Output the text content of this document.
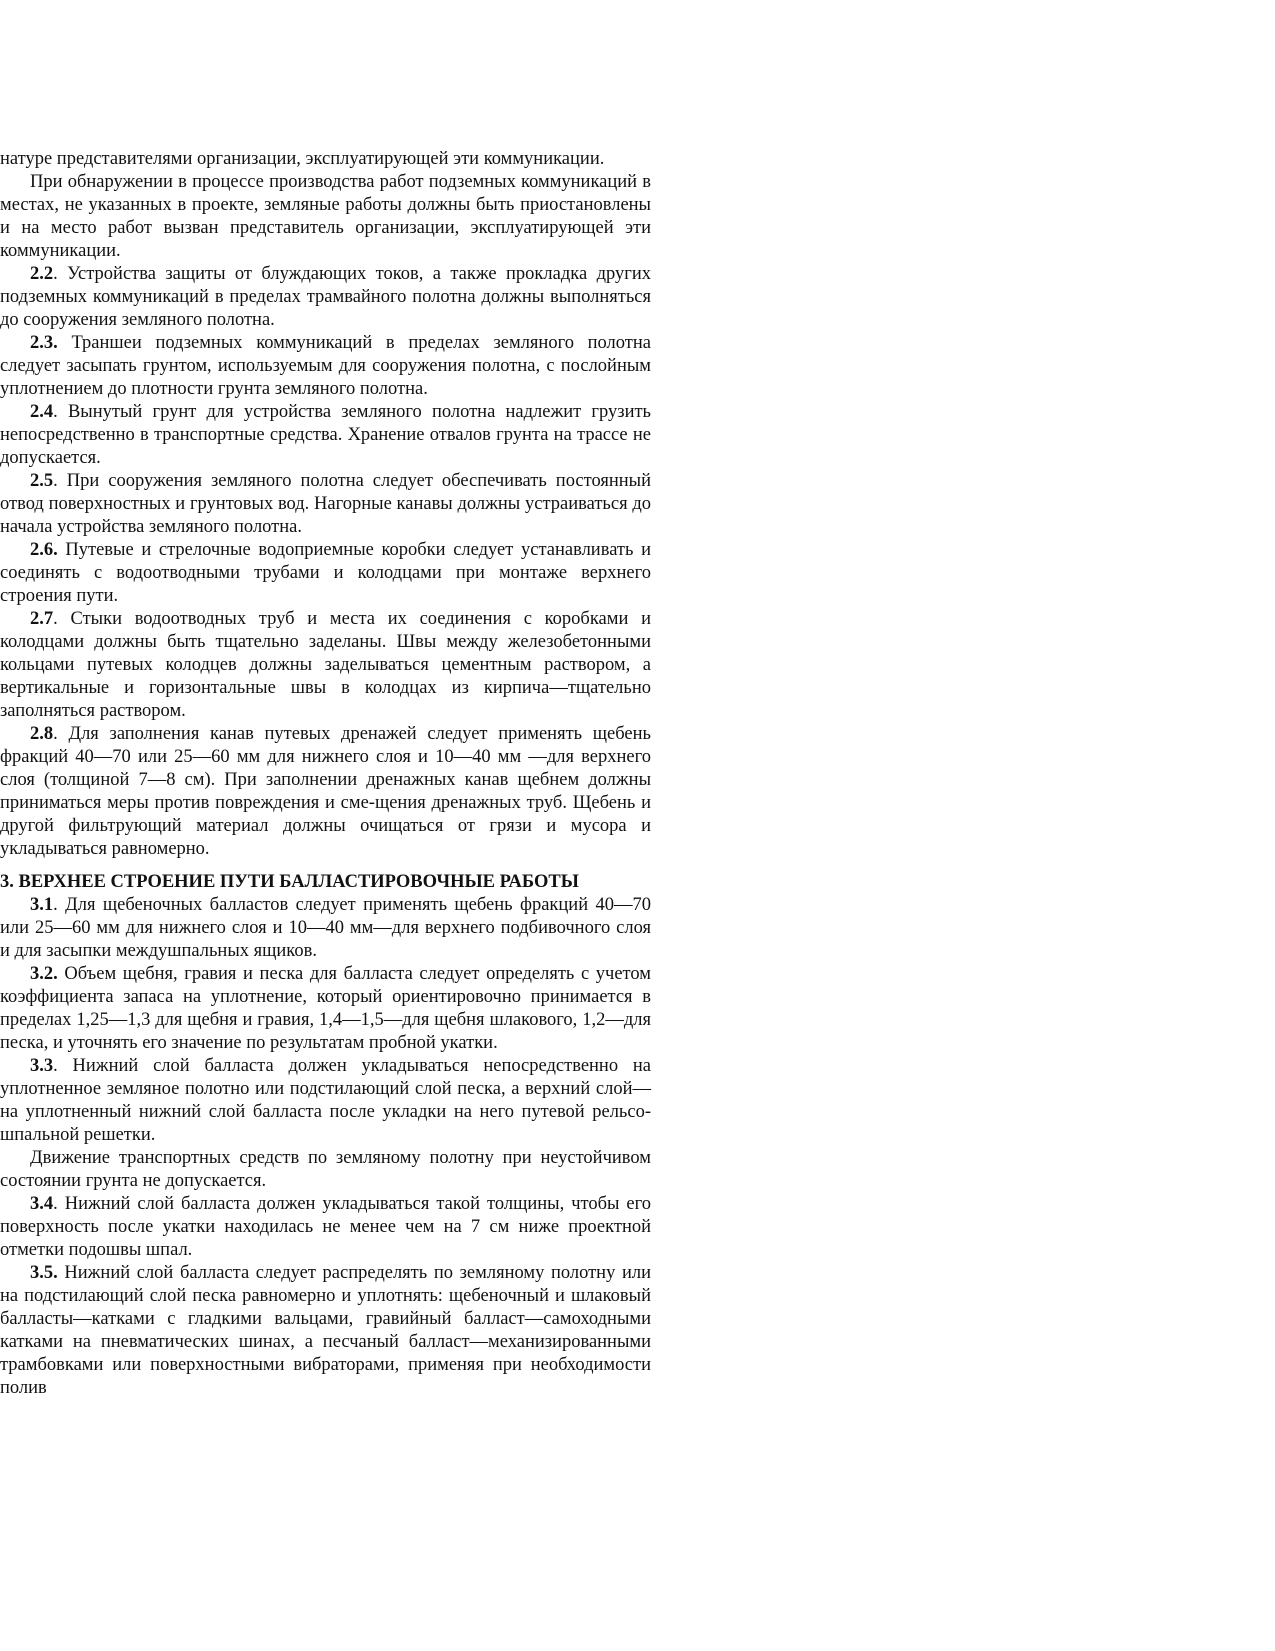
натуре представителями организации, эксплуатирующей эти коммуникации.

При обнаружении в процессе производства работ подземных коммуникаций в местах, не указанных в проекте, земляные работы должны быть приостановлены и на место работ вызван представитель организации, эксплуатирующей эти коммуникации.

2.2. Устройства защиты от блуждающих токов, а также прокладка других подземных коммуникаций в пределах трамвайного полотна должны выполняться до сооружения земляного полотна.

2.3. Траншеи подземных коммуникаций в пределах земляного полотна следует засыпать грунтом, используемым для сооружения полотна, с послойным уплотнением до плотности грунта земляного полотна.

2.4. Вынутый грунт для устройства земляного полотна надлежит грузить непосредственно в транспортные средства. Хранение отвалов грунта на трассе не допускается.

2.5. При сооружения земляного полотна следует обеспечивать постоянный отвод поверхностных и грунтовых вод. Нагорные канавы должны устраиваться до начала устройства земляного полотна.

2.6. Путевые и стрелочные водоприемные коробки следует устанавливать и соединять с водоотводными трубами и колодцами при монтаже верхнего строения пути.

2.7. Стыки водоотводных труб и места их соединения с коробками и колодцами должны быть тщательно заделаны. Швы между железобетонными кольцами путевых колодцев должны заделываться цементным раствором, а вертикальные и горизонтальные швы в колодцах из кирпича—тщательно заполняться раствором.

2.8. Для заполнения канав путевых дренажей следует применять щебень фракций 40—70 или 25—60 мм для нижнего слоя и 10—40 мм —для верхнего слоя (толщиной 7—8 см). При заполнении дренажных канав щебнем должны приниматься меры против повреждения и сме-щения дренажных труб. Щебень и другой фильтрующий материал должны очищаться от грязи и мусора и укладываться равномерно.

3. ВЕРХНЕЕ СТРОЕНИЕ ПУТИ БАЛЛАСТИРОВОЧНЫЕ РАБОТЫ

3.1. Для щебеночных балластов следует применять щебень фракций 40—70 или 25—60 мм для нижнего слоя и 10—40 мм—для верхнего подбивочного слоя и для засыпки междушпальных ящиков.

3.2. Объем щебня, гравия и песка для балласта следует определять с учетом коэффициента запаса на уплотнение, который ориентировочно принимается в пределах 1,25—1,3 для щебня и гравия, 1,4—1,5—для щебня шлакового, 1,2—для песка, и уточнять его значение по результатам пробной укатки.

3.3. Нижний слой балласта должен укладываться непосредственно на уплотненное земляное полотно или подстилающий слой песка, а верхний слой—на уплотненный нижний слой балласта после укладки на него путевой рельсо-шпальной решетки.

Движение транспортных средств по земляному полотну при неустойчивом состоянии грунта не допускается.

3.4. Нижний слой балласта должен укладываться такой толщины, чтобы его поверхность после укатки находилась не менее чем на 7 см ниже проектной отметки подошвы шпал.

3.5. Нижний слой балласта следует распределять по земляному полотну или на подстилающий слой песка равномерно и уплотнять: щебеночный и шлаковый балласты—катками с гладкими вальцами, гравийный балласт—самоходными катками на пневматических шинах, а песчаный балласт—механизированными трамбовками или поверхностными вибраторами, применяя при необходимости полив
